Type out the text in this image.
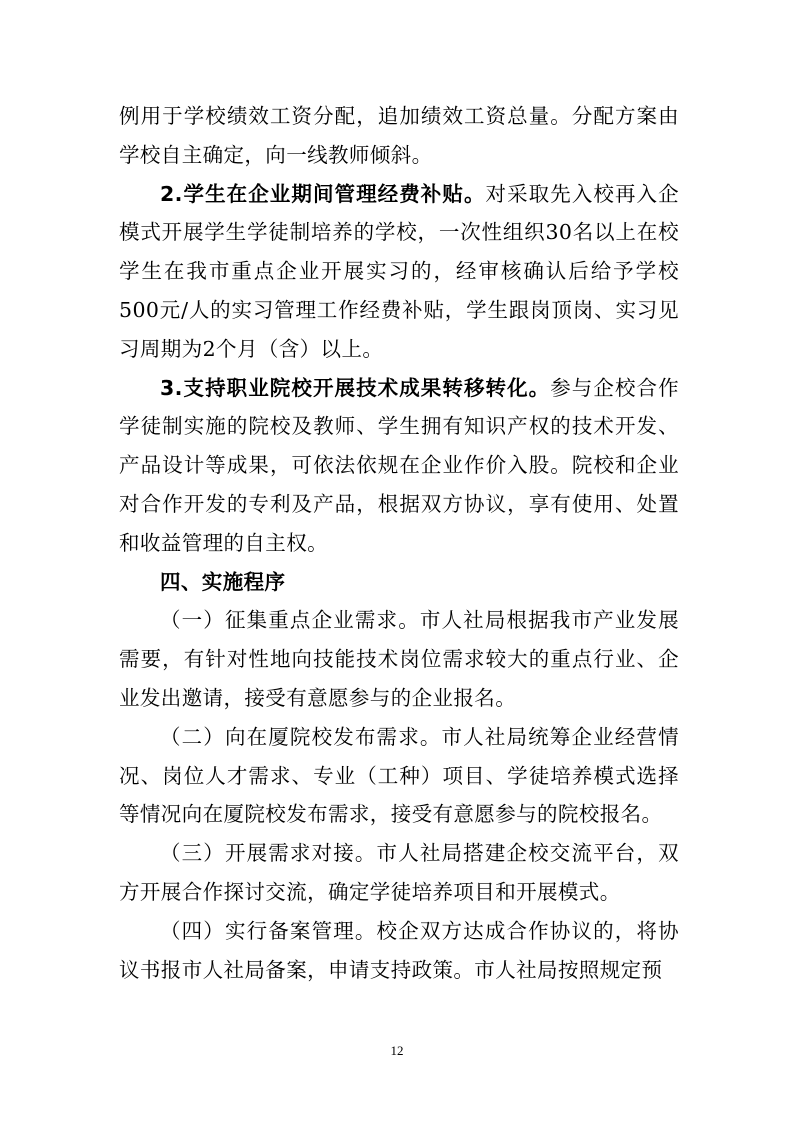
例用于学校绩效工资分配，追加绩效工资总量。分配方案由学校自主确定，向一线教师倾斜。

2.学生在企业期间管理经费补贴。对采取先入校再入企模式开展学生学徒制培养的学校，一次性组织30名以上在校学生在我市重点企业开展实习的，经审核确认后给予学校500元/人的实习管理工作经费补贴，学生跟岗顶岗、实习见习周期为2个月（含）以上。

3.支持职业院校开展技术成果转移转化。参与企校合作学徒制实施的院校及教师、学生拥有知识产权的技术开发、产品设计等成果，可依法依规在企业作价入股。院校和企业对合作开发的专利及产品，根据双方协议，享有使用、处置和收益管理的自主权。

四、实施程序

（一）征集重点企业需求。市人社局根据我市产业发展需要，有针对性地向技能技术岗位需求较大的重点行业、企业发出邀请，接受有意愿参与的企业报名。

（二）向在厦院校发布需求。市人社局统筹企业经营情况、岗位人才需求、专业（工种）项目、学徒培养模式选择等情况向在厦院校发布需求，接受有意愿参与的院校报名。

（三）开展需求对接。市人社局搭建企校交流平台，双方开展合作探讨交流，确定学徒培养项目和开展模式。

（四）实行备案管理。校企双方达成合作协议的，将协议书报市人社局备案，申请支持政策。市人社局按照规定预

12
